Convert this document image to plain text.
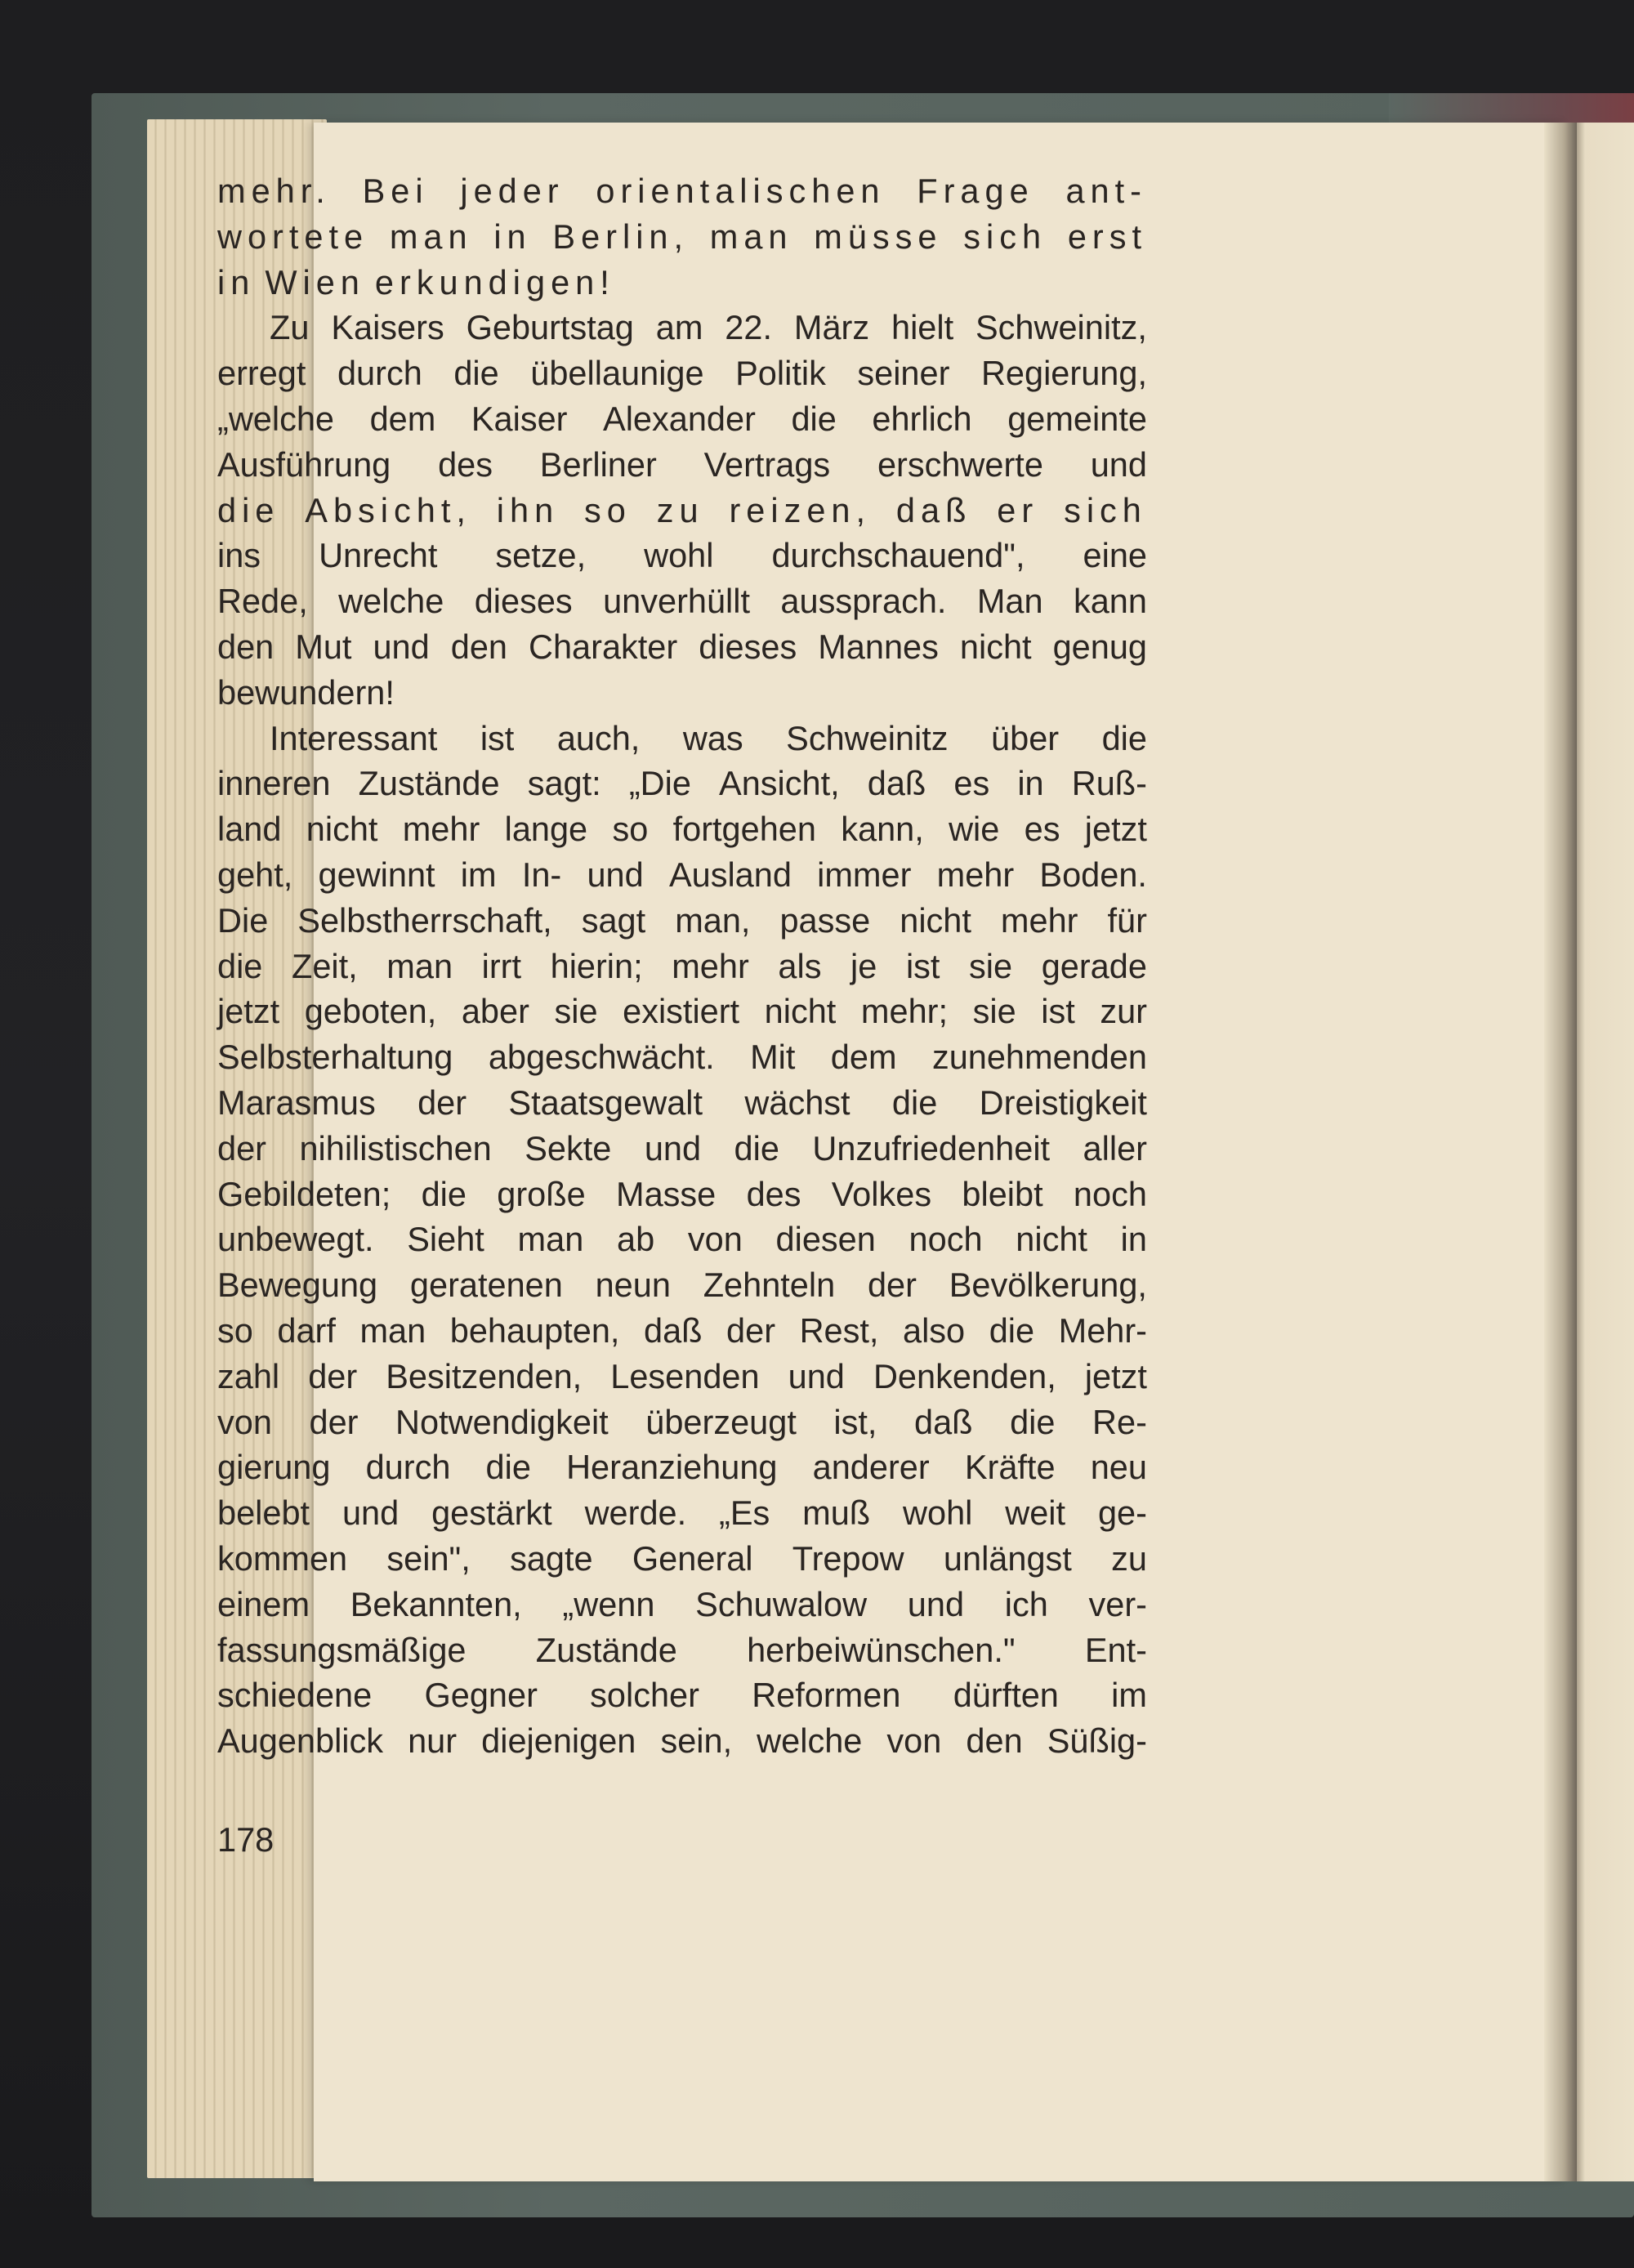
mehr. Bei jeder orientalischen Frage ant-
wortete man in Berlin, man müsse sich erst
in Wien erkundigen!
Zu Kaisers Geburtstag am 22. März hielt Schweinitz,
erregt durch die übellaunige Politik seiner Regierung,
„welche dem Kaiser Alexander die ehrlich gemeinte
Ausführung des Berliner Vertrags erschwerte und
die Absicht, ihn so zu reizen, daß er sich
ins Unrecht setze, wohl durchschauend", eine
Rede, welche dieses unverhüllt aussprach. Man kann
den Mut und den Charakter dieses Mannes nicht genug
bewundern!
Interessant ist auch, was Schweinitz über die
inneren Zustände sagt: „Die Ansicht, daß es in Ruß-
land nicht mehr lange so fortgehen kann, wie es jetzt
geht, gewinnt im In- und Ausland immer mehr Boden.
Die Selbstherrschaft, sagt man, passe nicht mehr für
die Zeit, man irrt hierin; mehr als je ist sie gerade
jetzt geboten, aber sie existiert nicht mehr; sie ist zur
Selbsterhaltung abgeschwächt. Mit dem zunehmenden
Marasmus der Staatsgewalt wächst die Dreistigkeit
der nihilistischen Sekte und die Unzufriedenheit aller
Gebildeten; die große Masse des Volkes bleibt noch
unbewegt. Sieht man ab von diesen noch nicht in
Bewegung geratenen neun Zehnteln der Bevölkerung,
so darf man behaupten, daß der Rest, also die Mehr-
zahl der Besitzenden, Lesenden und Denkenden, jetzt
von der Notwendigkeit überzeugt ist, daß die Re-
gierung durch die Heranziehung anderer Kräfte neu
belebt und gestärkt werde. „Es muß wohl weit ge-
kommen sein", sagte General Trepow unlängst zu
einem Bekannten, „wenn Schuwalow und ich ver-
fassungsmäßige Zustände herbeiwünschen." Ent-
schiedene Gegner solcher Reformen dürften im
Augenblick nur diejenigen sein, welche von den Süßig-
178
